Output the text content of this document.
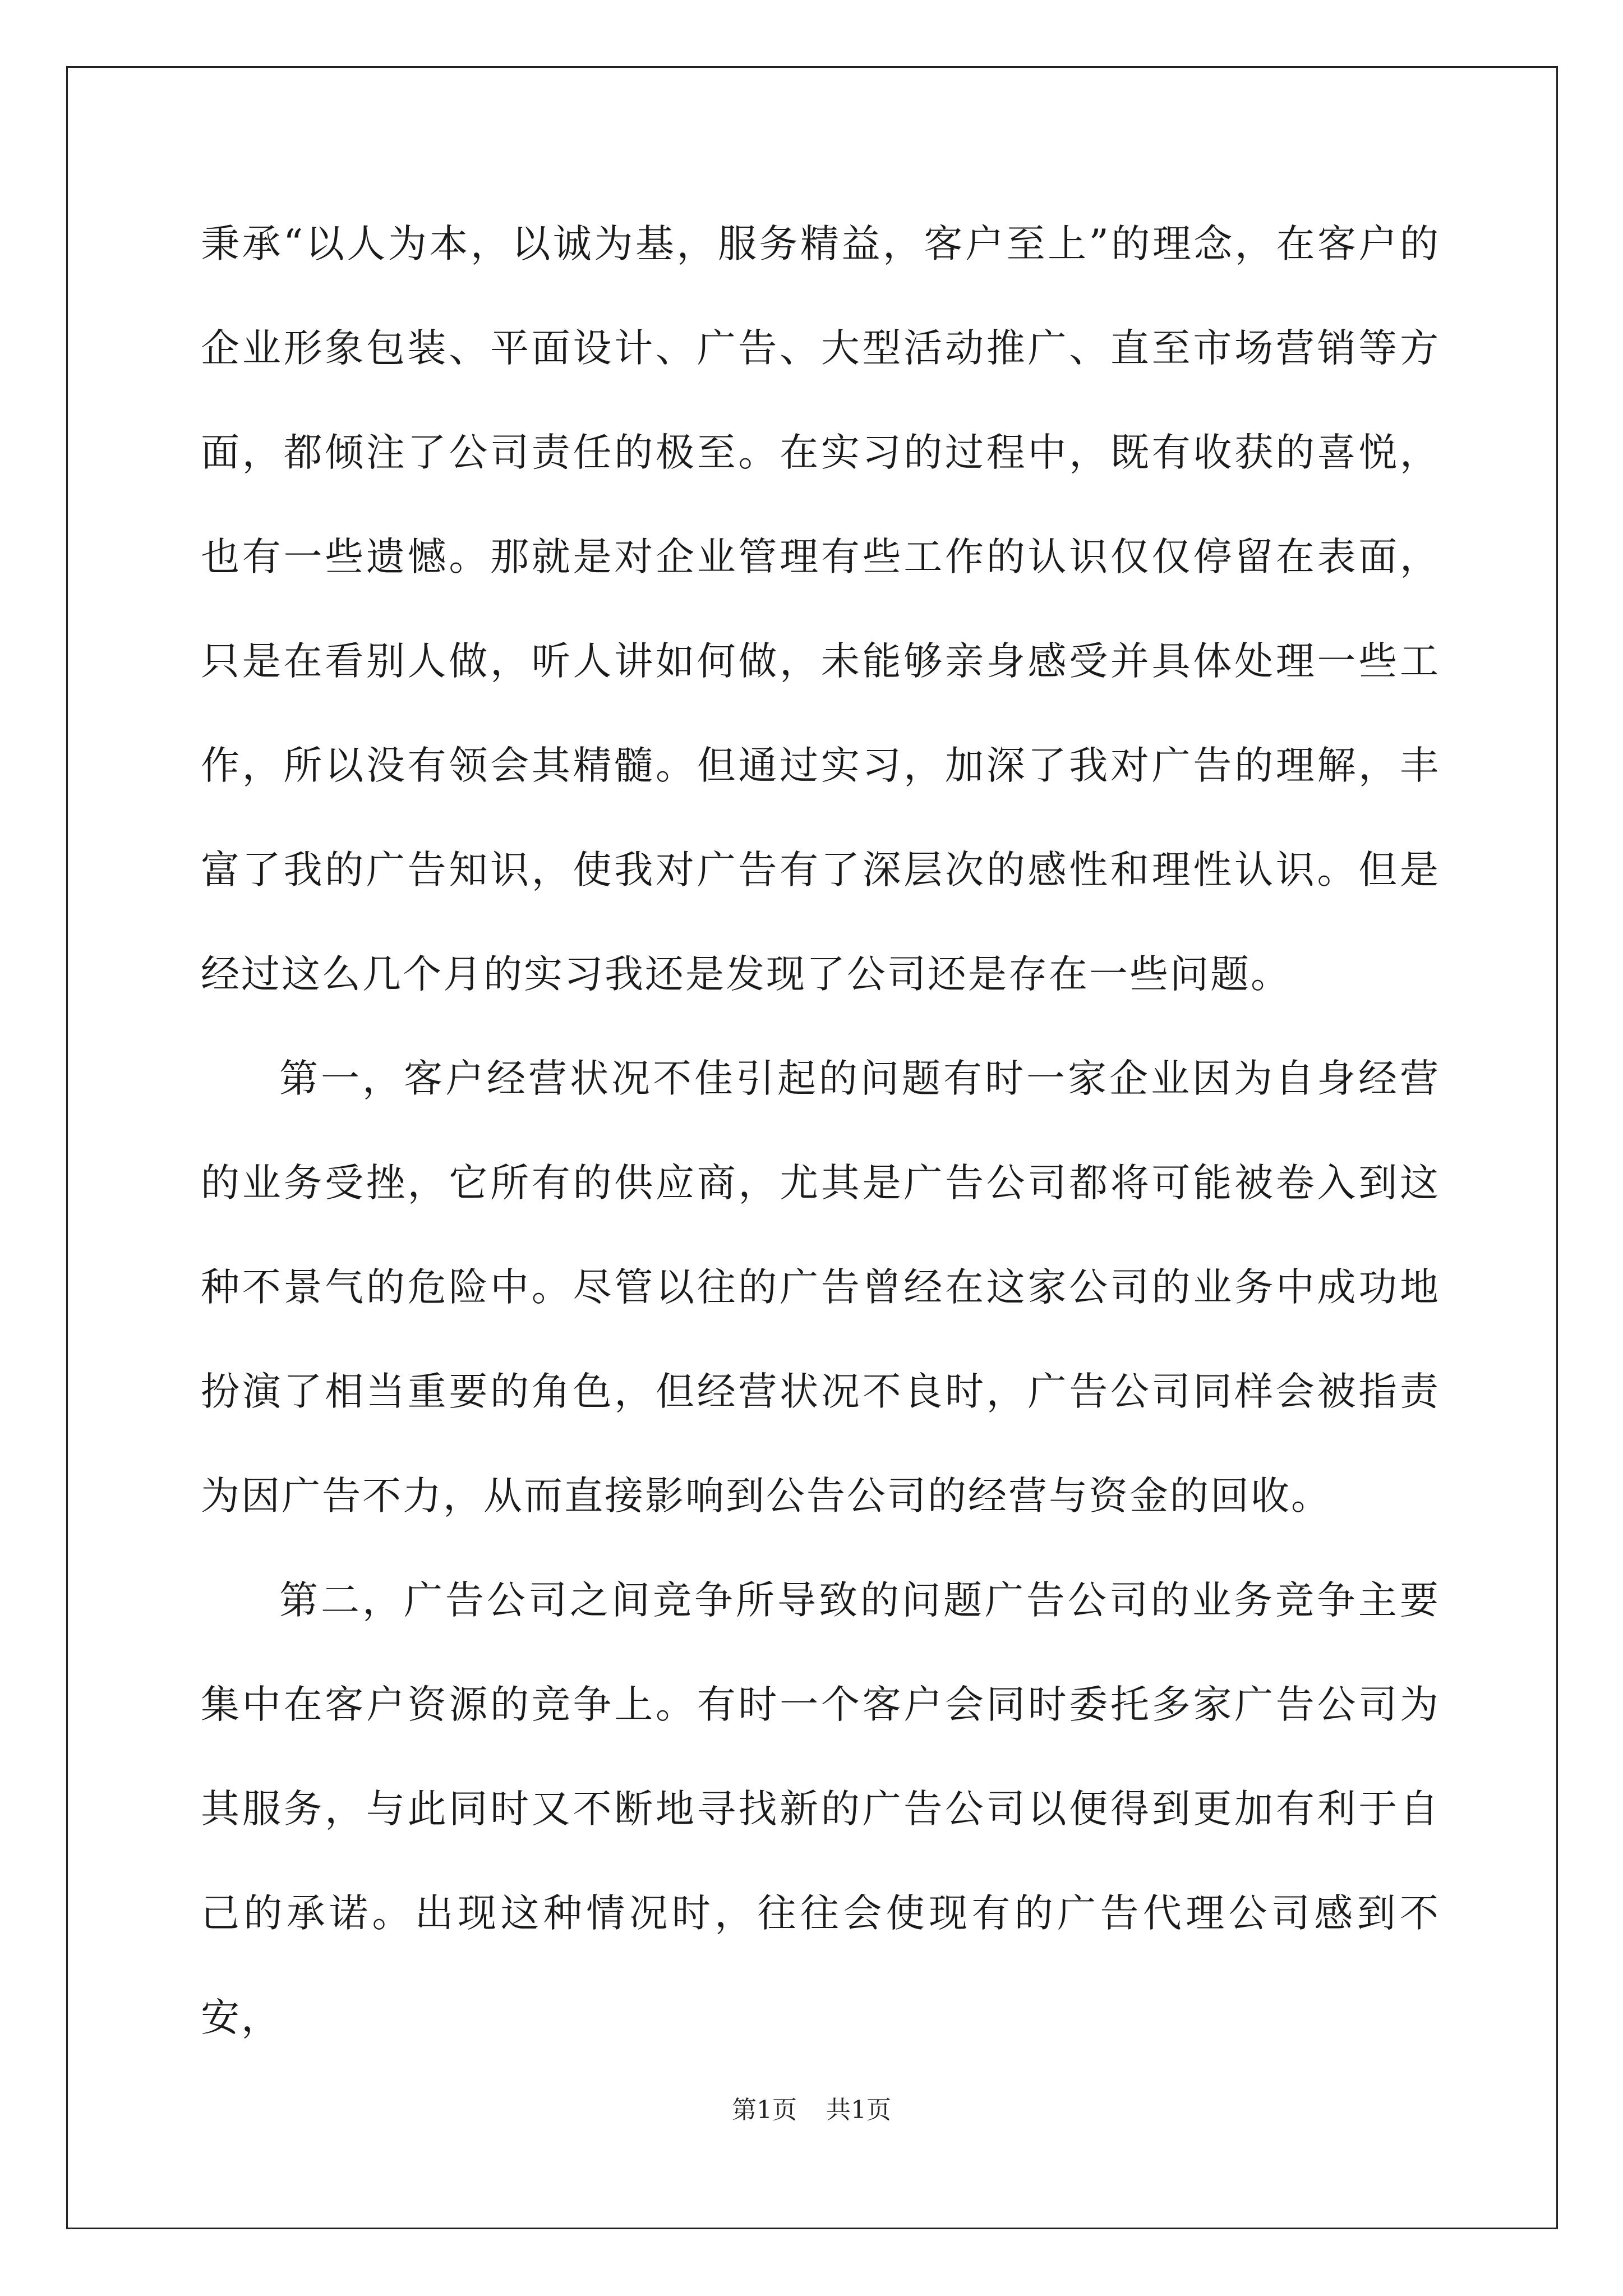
秉承“以人为本，以诚为基，服务精益，客户至上”的理念，在客户的企业形象包装、平面设计、广告、大型活动推广、直至市场营销等方面，都倾注了公司责任的极至。在实习的过程中，既有收获的喜悦，也有一些遗憾。那就是对企业管理有些工作的认识仅仅停留在表面，只是在看别人做，听人讲如何做，未能够亲身感受并具体处理一些工作，所以没有领会其精髓。但通过实习，加深了我对广告的理解，丰富了我的广告知识，使我对广告有了深层次的感性和理性认识。但是经过这么几个月的实习我还是发现了公司还是存在一些问题。

第一，客户经营状况不佳引起的问题有时一家企业因为自身经营的业务受挫，它所有的供应商，尤其是广告公司都将可能被卷入到这种不景气的危险中。尽管以往的广告曾经在这家公司的业务中成功地扮演了相当重要的角色，但经营状况不良时，广告公司同样会被指责为因广告不力，从而直接影响到公告公司的经营与资金的回收。

第二，广告公司之间竞争所导致的问题广告公司的业务竞争主要集中在客户资源的竞争上。有时一个客户会同时委托多家广告公司为其服务，与此同时又不断地寻找新的广告公司以便得到更加有利于自己的承诺。出现这种情况时，往往会使现有的广告代理公司感到不安，

第1页 共1页
